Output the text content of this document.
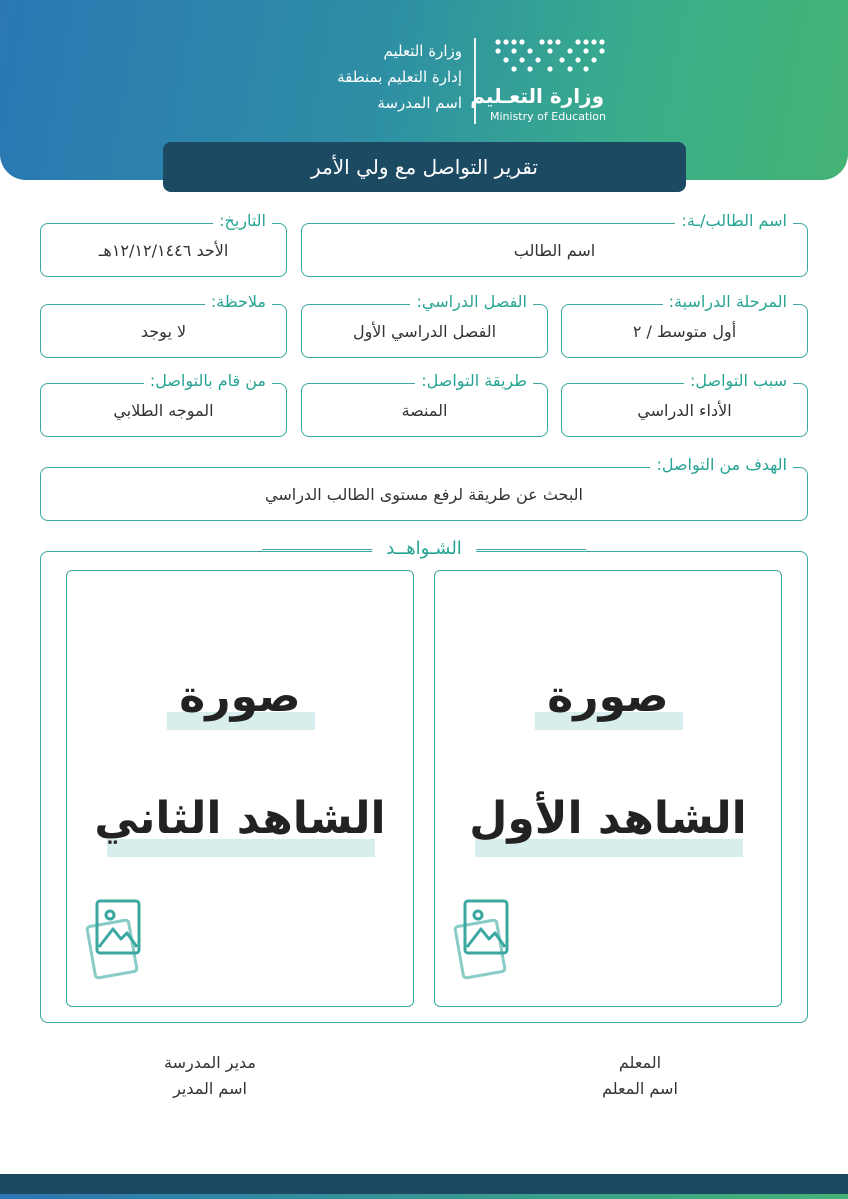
وزارة التعليم
إدارة التعليم بمنطقة
اسم المدرسة وزارة التعـليم
Ministry of Education
تقرير التواصل مع ولي الأمر
اسم الطالب/ـة:
اسم الطالب
التاريخ:
الأحد ١٢/١٢/١٤٤٦هـ
المرحلة الدراسية:
أول متوسط / ٢
الفصل الدراسي:
الفصل الدراسي الأول
ملاحظة:
لا يوجد
سبب التواصل:
الأداء الدراسي
طريقة التواصل:
المنصة
من قام بالتواصل:
الموجه الطلابي
الهدف من التواصل:
البحث عن طريقة لرفع مستوى الطالب الدراسي
الشـواهــد
صورة
الشاهد الأول
صورة
الشاهد الثاني
المعلم
اسم المعلم
مدير المدرسة
اسم المدير
